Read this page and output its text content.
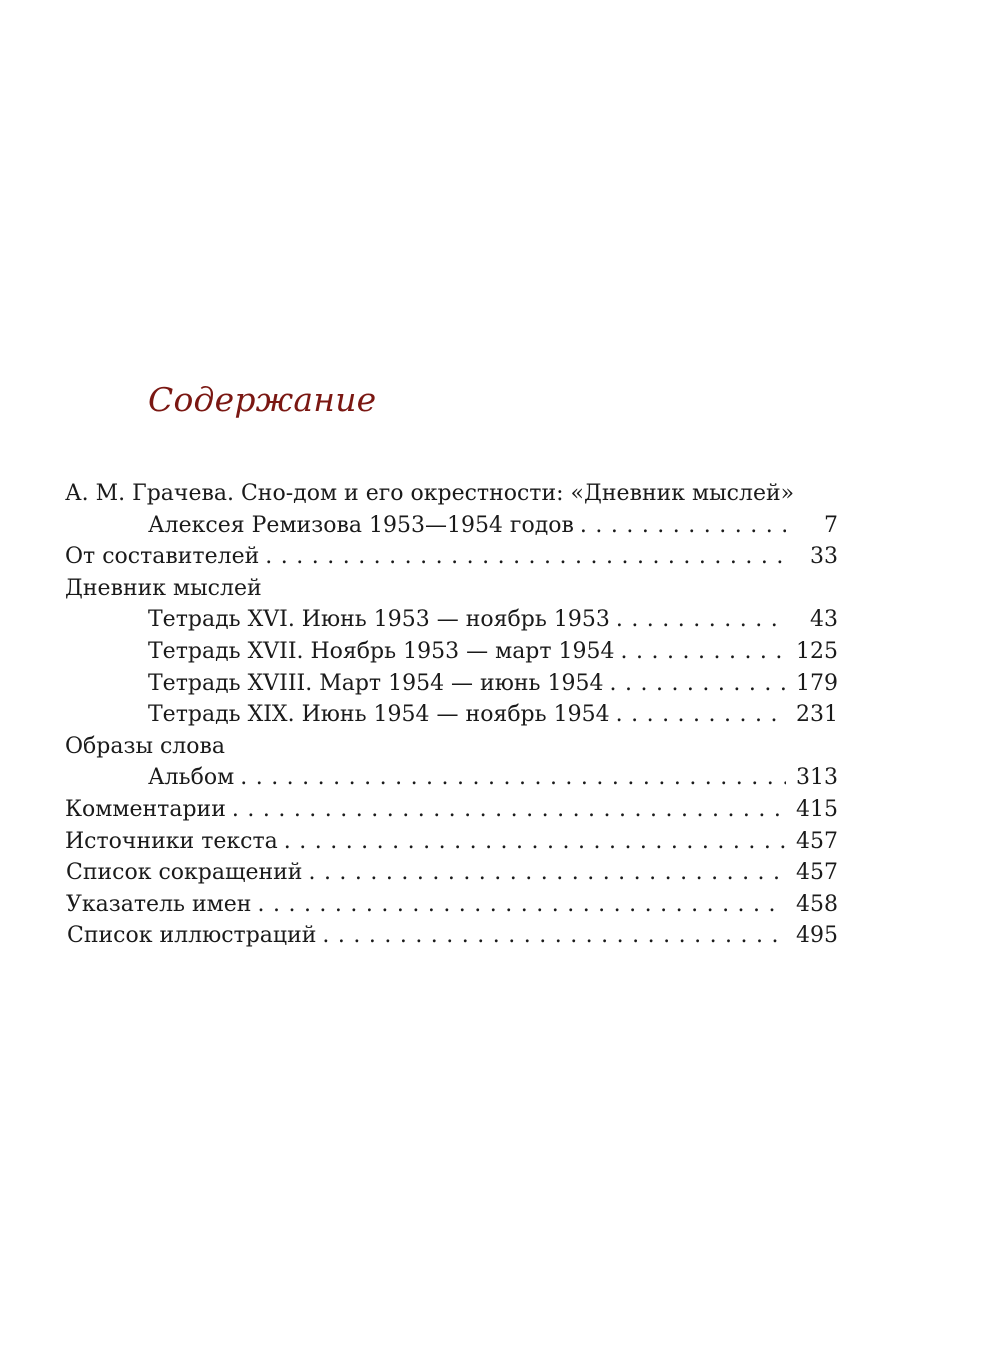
Содержание
А. М. Грачева. Сно-дом и его окрестности: «Дневник мыслей»
Алексея Ремизова 1953—1954 годов . . .	7
От составителей . . .	33
Дневник мыслей
Тетрадь XVI. Июнь 1953 — ноябрь 1953 . . .	43
Тетрадь XVII. Ноябрь 1953 — март 1954 . . .	125
Тетрадь XVIII. Март 1954 — июнь 1954 . . .	179
Тетрадь XIX. Июнь 1954 — ноябрь 1954 . . .	231
Образы слова
Альбом . . .	313
Комментарии . . .	415
Источники текста . . .	457
Список сокращений . . .	457
Указатель имен . . .	458
Список иллюстраций . . .	495
